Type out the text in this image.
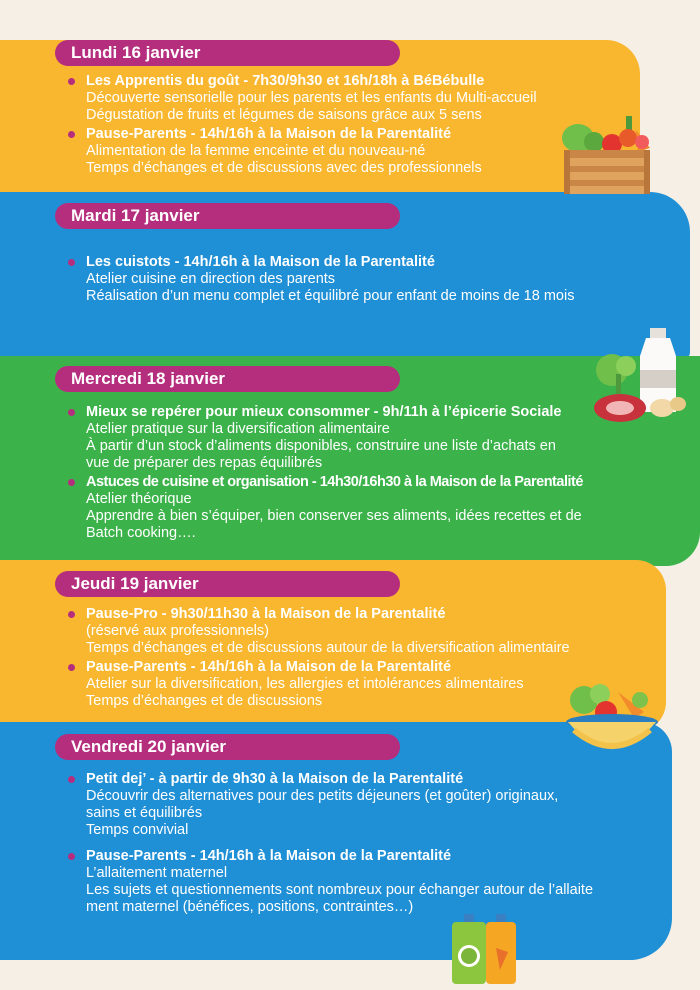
Lundi 16 janvier
Les Apprentis du goût - 7h30/9h30 et 16h/18h à BéBébulle
Découverte sensorielle pour les parents et les enfants du Multi-accueil
Dégustation de fruits et légumes de saisons grâce aux 5 sens
Pause-Parents - 14h/16h à la Maison de la Parentalité
Alimentation de la femme enceinte et du nouveau-né
Temps d’échanges et de discussions avec des professionnels
Mardi 17 janvier
Les cuistots - 14h/16h à la Maison de la Parentalité
Atelier cuisine en direction des parents
Réalisation d’un menu complet et équilibré pour enfant de moins de 18 mois
Mercredi 18 janvier
Mieux se repérer pour mieux consommer - 9h/11h à l’épicerie Sociale
Atelier pratique sur la diversification alimentaire
À partir d’un stock d’aliments disponibles, construire une liste d’achats en
vue de préparer des repas équilibrés
Astuces de cuisine et organisation - 14h30/16h30 à la Maison de la Parentalité
Atelier théorique
Apprendre à bien s’équiper, bien conserver ses aliments, idées recettes et de
Batch cooking….
Jeudi 19 janvier
Pause-Pro - 9h30/11h30 à la Maison de la Parentalité
(réservé aux professionnels)
Temps d’échanges et de discussions autour de la diversification alimentaire
Pause-Parents - 14h/16h à la Maison de la Parentalité
Atelier sur la diversification, les allergies et intolérances alimentaires
Temps d’échanges et de discussions
Vendredi 20 janvier
Petit dej’ - à partir de 9h30 à la Maison de la Parentalité
Découvrir des alternatives pour des petits déjeuners (et goûter) originaux,
sains et équilibrés
Temps convivial
Pause-Parents - 14h/16h à la Maison de la Parentalité
L’allaitement maternel
Les sujets et questionnements sont nombreux pour échanger autour de l’allaite
ment maternel (bénéfices, positions, contraintes…)
